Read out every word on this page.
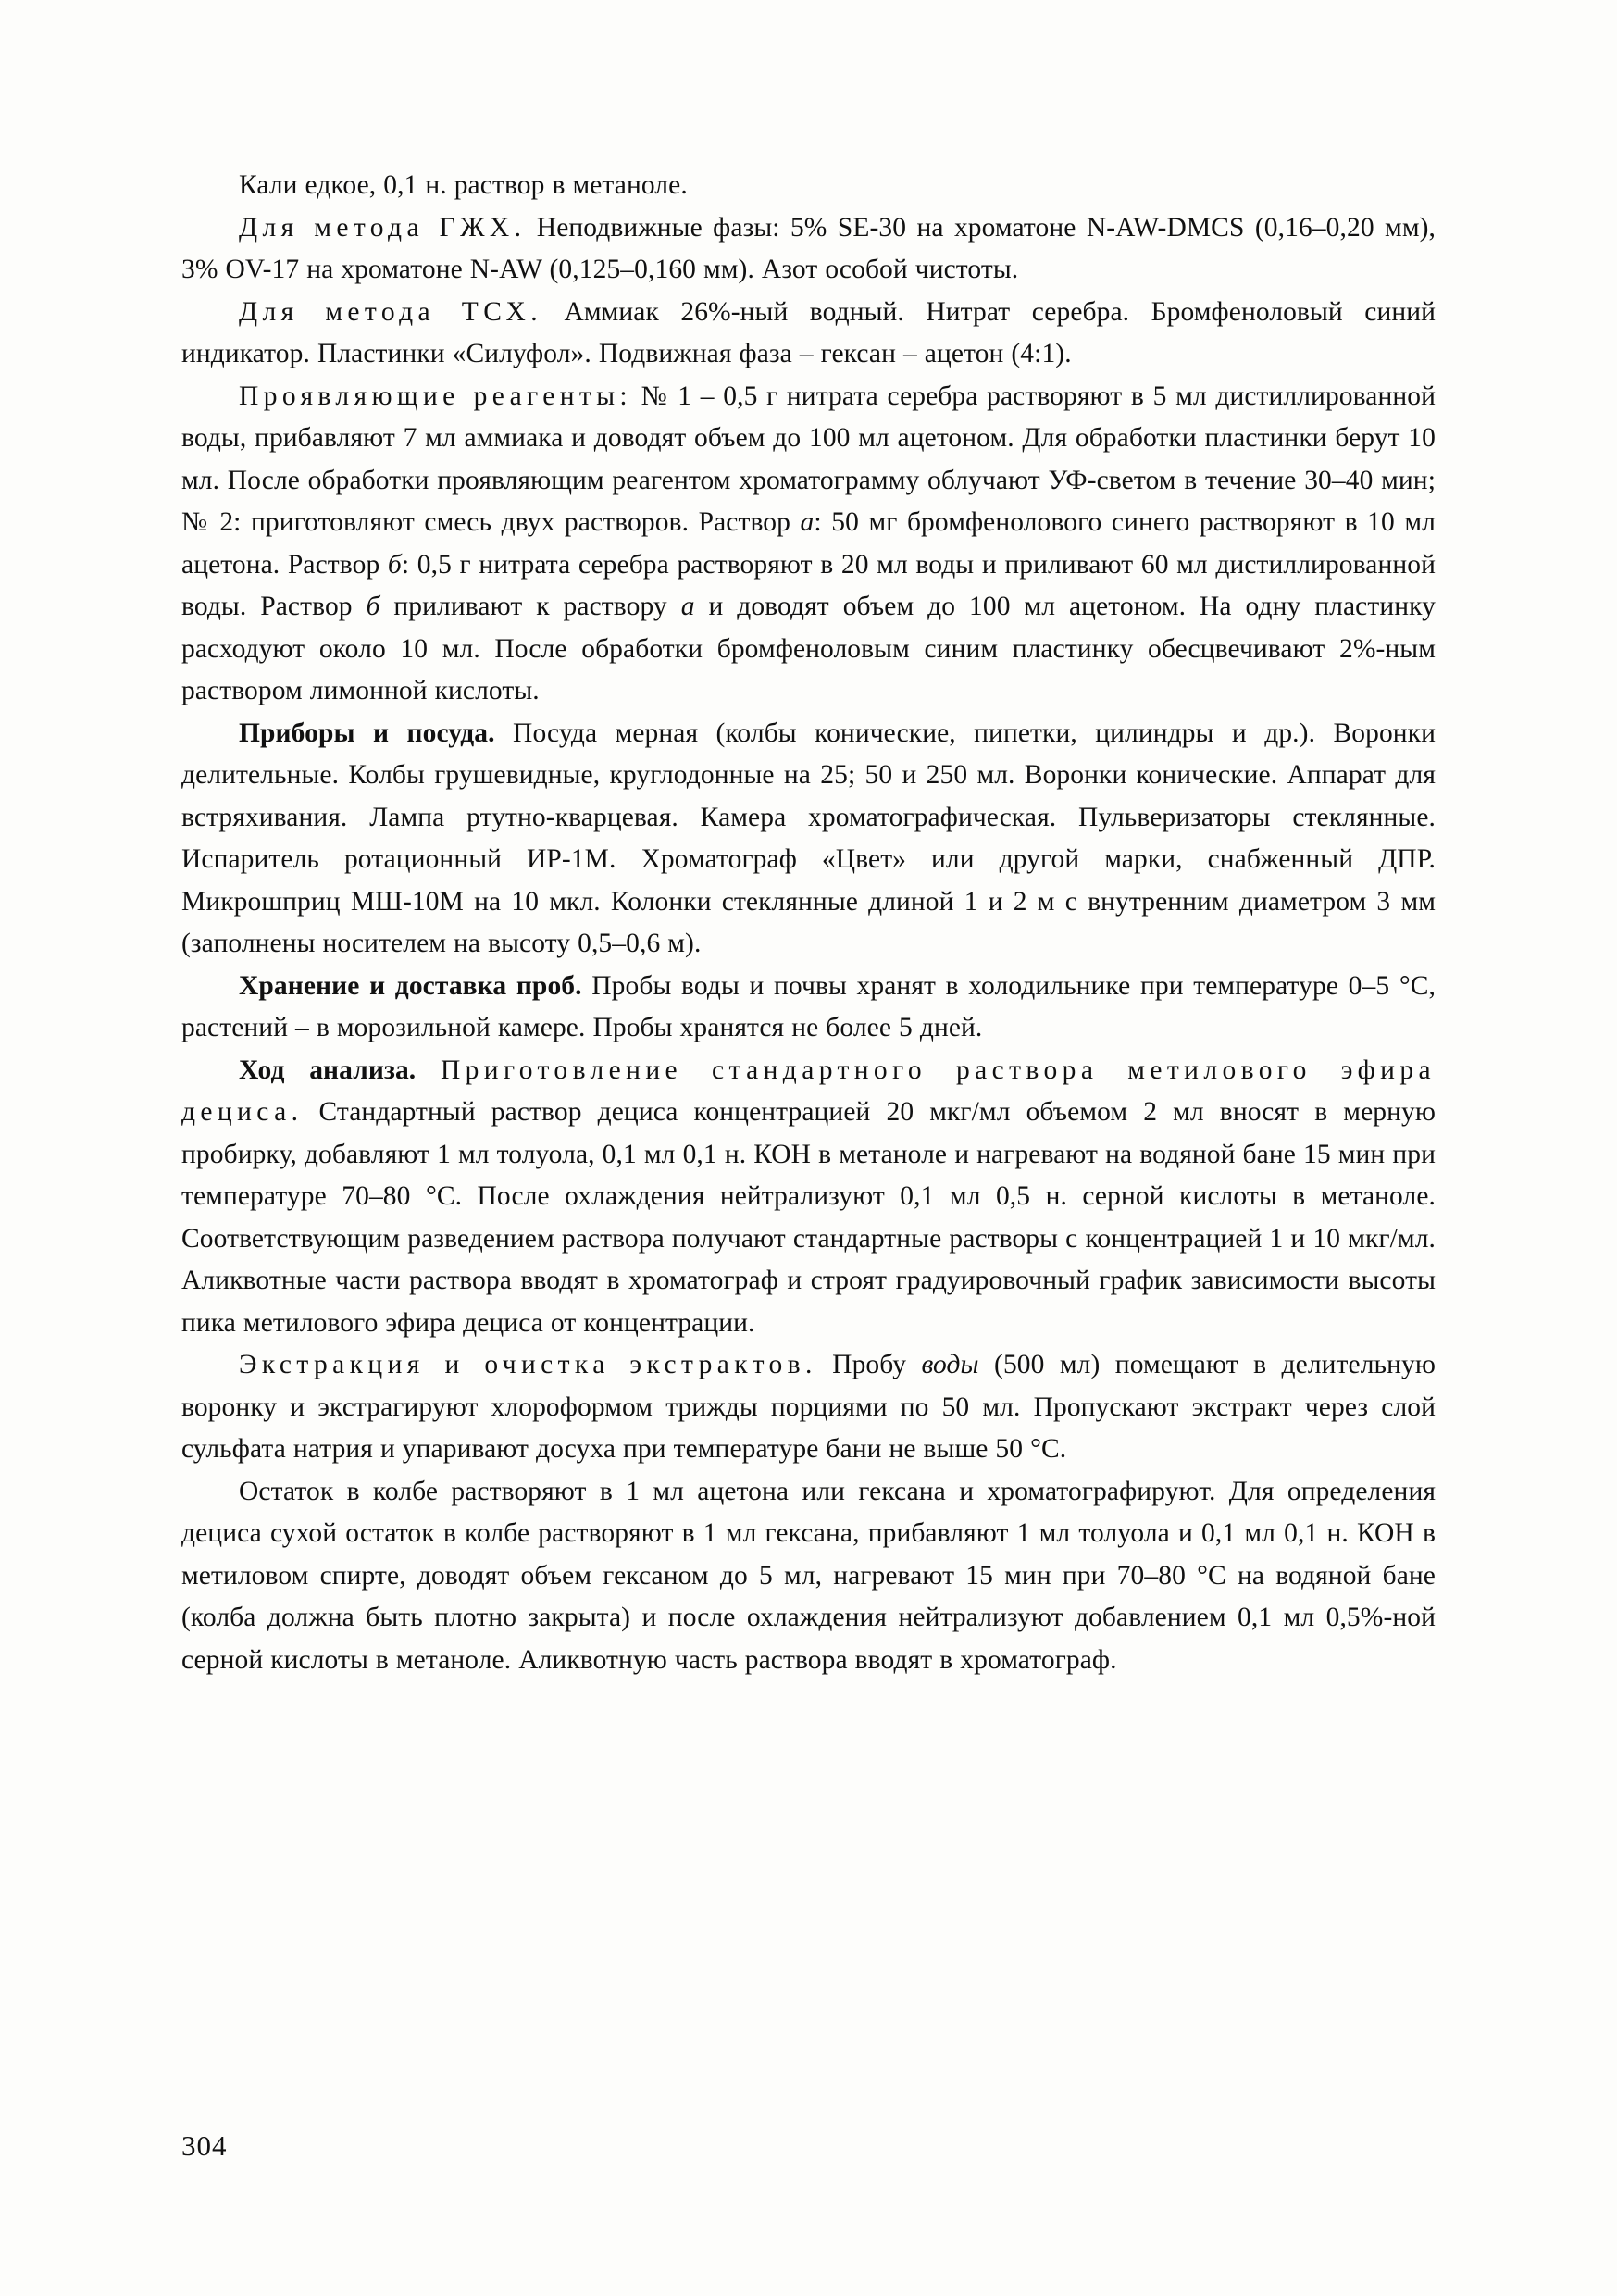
Кали едкое, 0,1 н. раствор в метаноле.

Для метода ГЖХ. Неподвижные фазы: 5% SE-30 на хроматоне N-AW-DMCS (0,16–0,20 мм), 3% OV-17 на хроматоне N-AW (0,125–0,160 мм). Азот особой чистоты.

Для метода ТСХ. Аммиак 26%-ный водный. Нитрат серебра. Бромфеноловый синий индикатор. Пластинки «Силуфол». Подвижная фаза – гексан – ацетон (4:1).

Проявляющие реагенты: № 1 – 0,5 г нитрата серебра растворяют в 5 мл дистиллированной воды, прибавляют 7 мл аммиака и доводят объем до 100 мл ацетоном. Для обработки пластинки берут 10 мл. После обработки проявляющим реагентом хроматограмму облучают УФ-светом в течение 30–40 мин; № 2: приготовляют смесь двух растворов. Раствор а: 50 мг бромфенолового синего растворяют в 10 мл ацетона. Раствор б: 0,5 г нитрата серебра растворяют в 20 мл воды и приливают 60 мл дистиллированной воды. Раствор б приливают к раствору а и доводят объем до 100 мл ацетоном. На одну пластинку расходуют около 10 мл. После обработки бромфеноловым синим пластинку обесцвечивают 2%-ным раствором лимонной кислоты.

Приборы и посуда. Посуда мерная (колбы конические, пипетки, цилиндры и др.). Воронки делительные. Колбы грушевидные, круглодонные на 25; 50 и 250 мл. Воронки конические. Аппарат для встряхивания. Лампа ртутно-кварцевая. Камера хроматографическая. Пульверизаторы стеклянные. Испаритель ротационный ИР-1М. Хроматограф «Цвет» или другой марки, снабженный ДПР. Микрошприц МШ-10М на 10 мкл. Колонки стеклянные длиной 1 и 2 м с внутренним диаметром 3 мм (заполнены носителем на высоту 0,5–0,6 м).

Хранение и доставка проб. Пробы воды и почвы хранят в холодильнике при температуре 0–5 °C, растений – в морозильной камере. Пробы хранятся не более 5 дней.

Ход анализа. Приготовление стандартного раствора метилового эфира дециса. Стандартный раствор дециса концентрацией 20 мкг/мл объемом 2 мл вносят в мерную пробирку, добавляют 1 мл толуола, 0,1 мл 0,1 н. КОН в метаноле и нагревают на водяной бане 15 мин при температуре 70–80 °C. После охлаждения нейтрализуют 0,1 мл 0,5 н. серной кислоты в метаноле. Соответствующим разведением раствора получают стандартные растворы с концентрацией 1 и 10 мкг/мл. Аликвотные части раствора вводят в хроматограф и строят градуировочный график зависимости высоты пика метилового эфира дециса от концентрации.

Экстракция и очистка экстрактов. Пробу воды (500 мл) помещают в делительную воронку и экстрагируют хлороформом трижды порциями по 50 мл. Пропускают экстракт через слой сульфата натрия и упаривают досуха при температуре бани не выше 50 °C.

Остаток в колбе растворяют в 1 мл ацетона или гексана и хроматографируют. Для определения дециса сухой остаток в колбе растворяют в 1 мл гексана, прибавляют 1 мл толуола и 0,1 мл 0,1 н. КОН в метиловом спирте, доводят объем гексаном до 5 мл, нагревают 15 мин при 70–80 °C на водяной бане (колба должна быть плотно закрыта) и после охлаждения нейтрализуют добавлением 0,1 мл 0,5%-ной серной кислоты в метаноле. Аликвотную часть раствора вводят в хроматограф.

304
